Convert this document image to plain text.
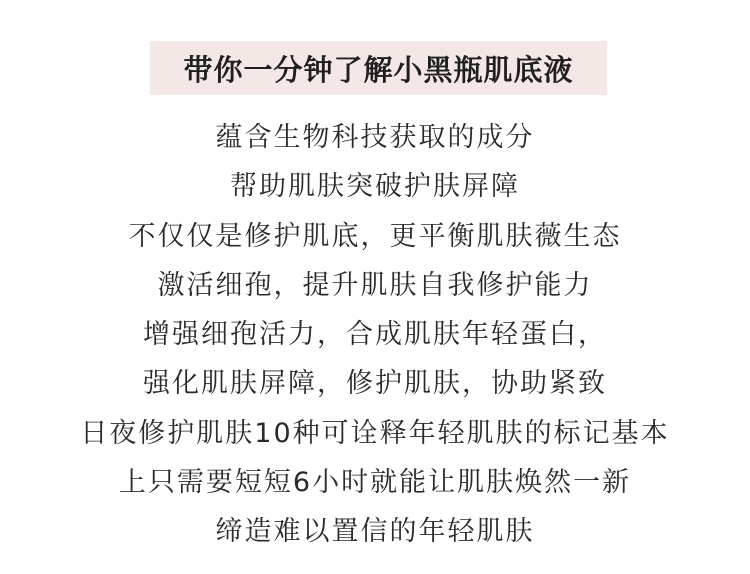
带你一分钟了解小黑瓶肌底液
蕴含生物科技获取的成分
帮助肌肤突破护肤屏障
不仅仅是修护肌底，更平衡肌肤薇生态
激活细孢，提升肌肤自我修护能力
增强细孢活力，合成肌肤年轻蛋白，
强化肌肤屏障，修护肌肤，协助紧致
日夜修护肌肤10种可诠释年轻肌肤的标记基本
上只需要短短6小时就能让肌肤焕然一新
缔造难以置信的年轻肌肤
